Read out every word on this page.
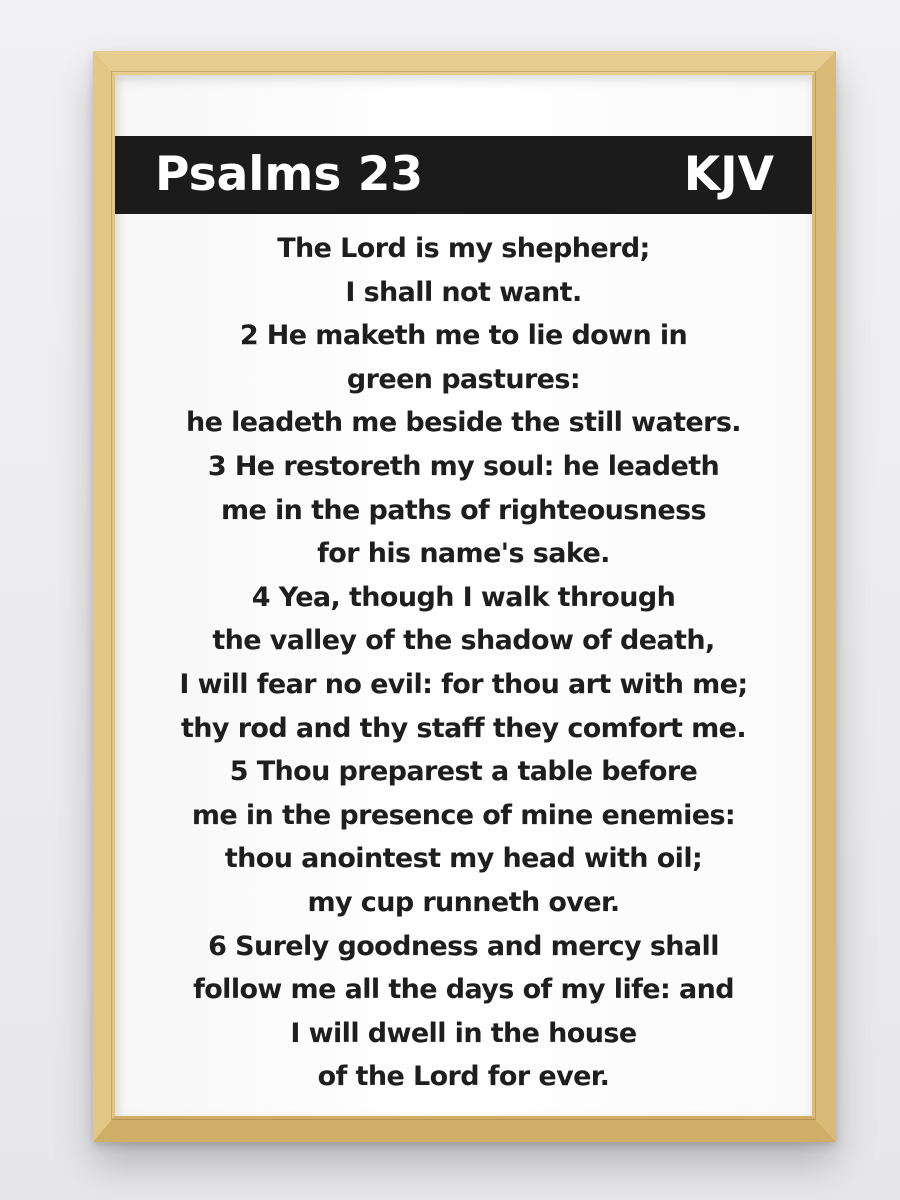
Psalms 23	KJV
The Lord is my shepherd;
I shall not want.
2 He maketh me to lie down in
green pastures:
he leadeth me beside the still waters.
3 He restoreth my soul: he leadeth
me in the paths of righteousness
for his name's sake.
4 Yea, though I walk through
the valley of the shadow of death,
I will fear no evil: for thou art with me;
thy rod and thy staff they comfort me.
5 Thou preparest a table before
me in the presence of mine enemies:
thou anointest my head with oil;
my cup runneth over.
6 Surely goodness and mercy shall
follow me all the days of my life: and
I will dwell in the house
of the Lord for ever.
